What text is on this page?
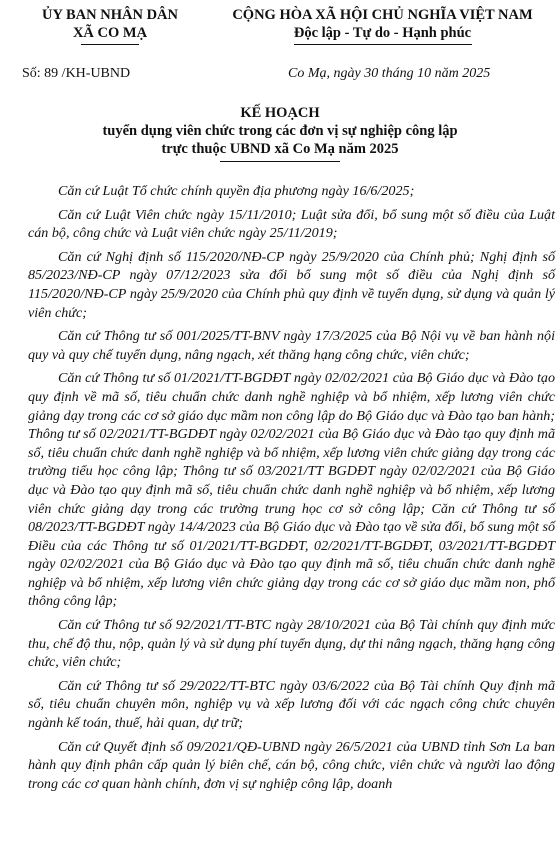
ỦY BAN NHÂN DÂN
XÃ CO MẠ
CỘNG HÒA XÃ HỘI CHỦ NGHĨA VIỆT NAM
Độc lập - Tự do - Hạnh phúc
Số: 89 /KH-UBND	Co Mạ, ngày 30 tháng 10 năm 2025
KẾ HOẠCH
tuyển dụng viên chức trong các đơn vị sự nghiệp công lập
trực thuộc UBND xã Co Mạ năm 2025

Căn cứ Luật Tổ chức chính quyền địa phương ngày 16/6/2025;

Căn cứ Luật Viên chức ngày 15/11/2010; Luật sửa đổi, bổ sung một số điều của Luật cán bộ, công chức và Luật viên chức ngày 25/11/2019;

Căn cứ Nghị định số 115/2020/NĐ-CP ngày 25/9/2020 của Chính phủ; Nghị định số 85/2023/NĐ-CP ngày 07/12/2023 sửa đổi bổ sung một số điều của Nghị định số 115/2020/NĐ-CP ngày 25/9/2020 của Chính phủ quy định về tuyển dụng, sử dụng và quản lý viên chức;

Căn cứ Thông tư số 001/2025/TT-BNV ngày 17/3/2025 của Bộ Nội vụ về ban hành nội quy và quy chế tuyển dụng, nâng ngạch, xét thăng hạng công chức, viên chức;

Căn cứ Thông tư số 01/2021/TT-BGDĐT ngày 02/02/2021 của Bộ Giáo dục và Đào tạo quy định về mã số, tiêu chuẩn chức danh nghề nghiệp và bổ nhiệm, xếp lương viên chức giảng dạy trong các cơ sở giáo dục mầm non công lập do Bộ Giáo dục và Đào tạo ban hành; Thông tư số 02/2021/TT-BGDĐT ngày 02/02/2021 của Bộ Giáo dục và Đào tạo quy định mã số, tiêu chuẩn chức danh nghề nghiệp và bổ nhiệm, xếp lương viên chức giảng dạy trong các trường tiểu học công lập; Thông tư số 03/2021/TT BGDĐT ngày 02/02/2021 của Bộ Giáo dục và Đào tạo quy định mã số, tiêu chuẩn chức danh nghề nghiệp và bổ nhiệm, xếp lương viên chức giảng dạy trong các trường trung học cơ sở công lập; Căn cứ Thông tư số 08/2023/TT-BGDĐT ngày 14/4/2023 của Bộ Giáo dục và Đào tạo về sửa đổi, bổ sung một số Điều của các Thông tư số 01/2021/TT-BGDĐT, 02/2021/TT-BGDĐT, 03/2021/TT-BGDĐT ngày 02/02/2021 của Bộ Giáo dục và Đào tạo quy định mã số, tiêu chuẩn chức danh nghề nghiệp và bổ nhiệm, xếp lương viên chức giảng dạy trong các cơ sở giáo dục mầm non, phổ thông công lập;

Căn cứ Thông tư số 92/2021/TT-BTC ngày 28/10/2021 của Bộ Tài chính quy định mức thu, chế độ thu, nộp, quản lý và sử dụng phí tuyển dụng, dự thi nâng ngạch, thăng hạng công chức, viên chức;

Căn cứ Thông tư số 29/2022/TT-BTC ngày 03/6/2022 của Bộ Tài chính Quy định mã số, tiêu chuẩn chuyên môn, nghiệp vụ và xếp lương đối với các ngạch công chức chuyên ngành kế toán, thuế, hải quan, dự trữ;

Căn cứ Quyết định số 09/2021/QĐ-UBND ngày 26/5/2021 của UBND tỉnh Sơn La ban hành quy định phân cấp quản lý biên chế, cán bộ, công chức, viên chức và người lao động trong các cơ quan hành chính, đơn vị sự nghiệp công lập, doanh
